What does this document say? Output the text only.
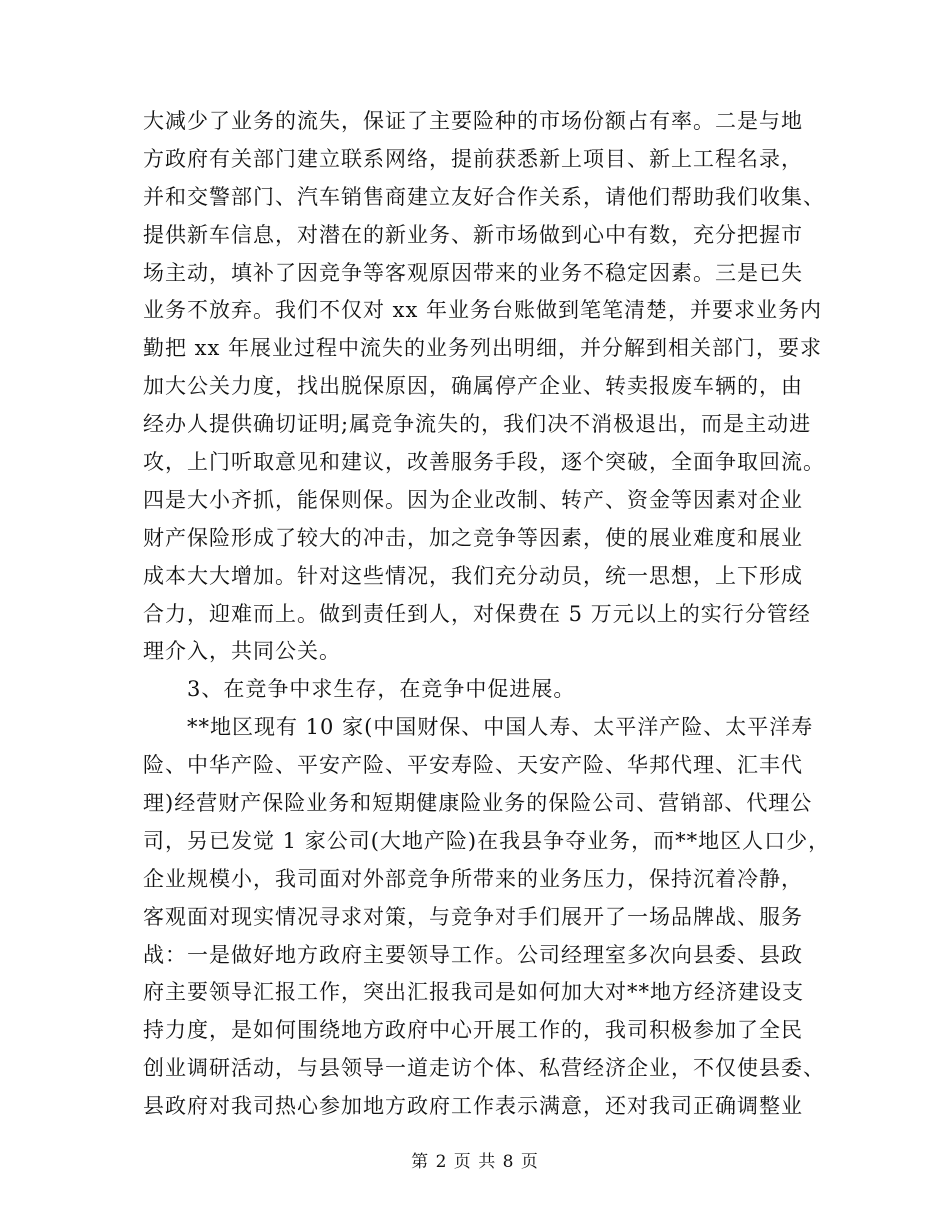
大减少了业务的流失，保证了主要险种的市场份额占有率。二是与地
方政府有关部门建立联系网络，提前获悉新上项目、新上工程名录，
并和交警部门、汽车销售商建立友好合作关系，请他们帮助我们收集、
提供新车信息，对潜在的新业务、新市场做到心中有数，充分把握市
场主动，填补了因竞争等客观原因带来的业务不稳定因素。三是已失
业务不放弃。我们不仅对 xx 年业务台账做到笔笔清楚，并要求业务内
勤把 xx 年展业过程中流失的业务列出明细，并分解到相关部门，要求
加大公关力度，找出脱保原因，确属停产企业、转卖报废车辆的，由
经办人提供确切证明;属竞争流失的，我们决不消极退出，而是主动进
攻，上门听取意见和建议，改善服务手段，逐个突破，全面争取回流。
四是大小齐抓，能保则保。因为企业改制、转产、资金等因素对企业
财产保险形成了较大的冲击，加之竞争等因素，使的展业难度和展业
成本大大增加。针对这些情况，我们充分动员，统一思想，上下形成
合力，迎难而上。做到责任到人，对保费在 5 万元以上的实行分管经
理介入，共同公关。
　　3、在竞争中求生存，在竞争中促进展。
　　**地区现有 10 家(中国财保、中国人寿、太平洋产险、太平洋寿
险、中华产险、平安产险、平安寿险、天安产险、华邦代理、汇丰代
理)经营财产保险业务和短期健康险业务的保险公司、营销部、代理公
司，另已发觉 1 家公司(大地产险)在我县争夺业务，而**地区人口少，
企业规模小，我司面对外部竞争所带来的业务压力，保持沉着冷静，
客观面对现实情况寻求对策，与竞争对手们展开了一场品牌战、服务
战：一是做好地方政府主要领导工作。公司经理室多次向县委、县政
府主要领导汇报工作，突出汇报我司是如何加大对**地方经济建设支
持力度，是如何围绕地方政府中心开展工作的，我司积极参加了全民
创业调研活动，与县领导一道走访个体、私营经济企业，不仅使县委、
县政府对我司热心参加地方政府工作表示满意，还对我司正确调整业
第 2 页 共 8 页
